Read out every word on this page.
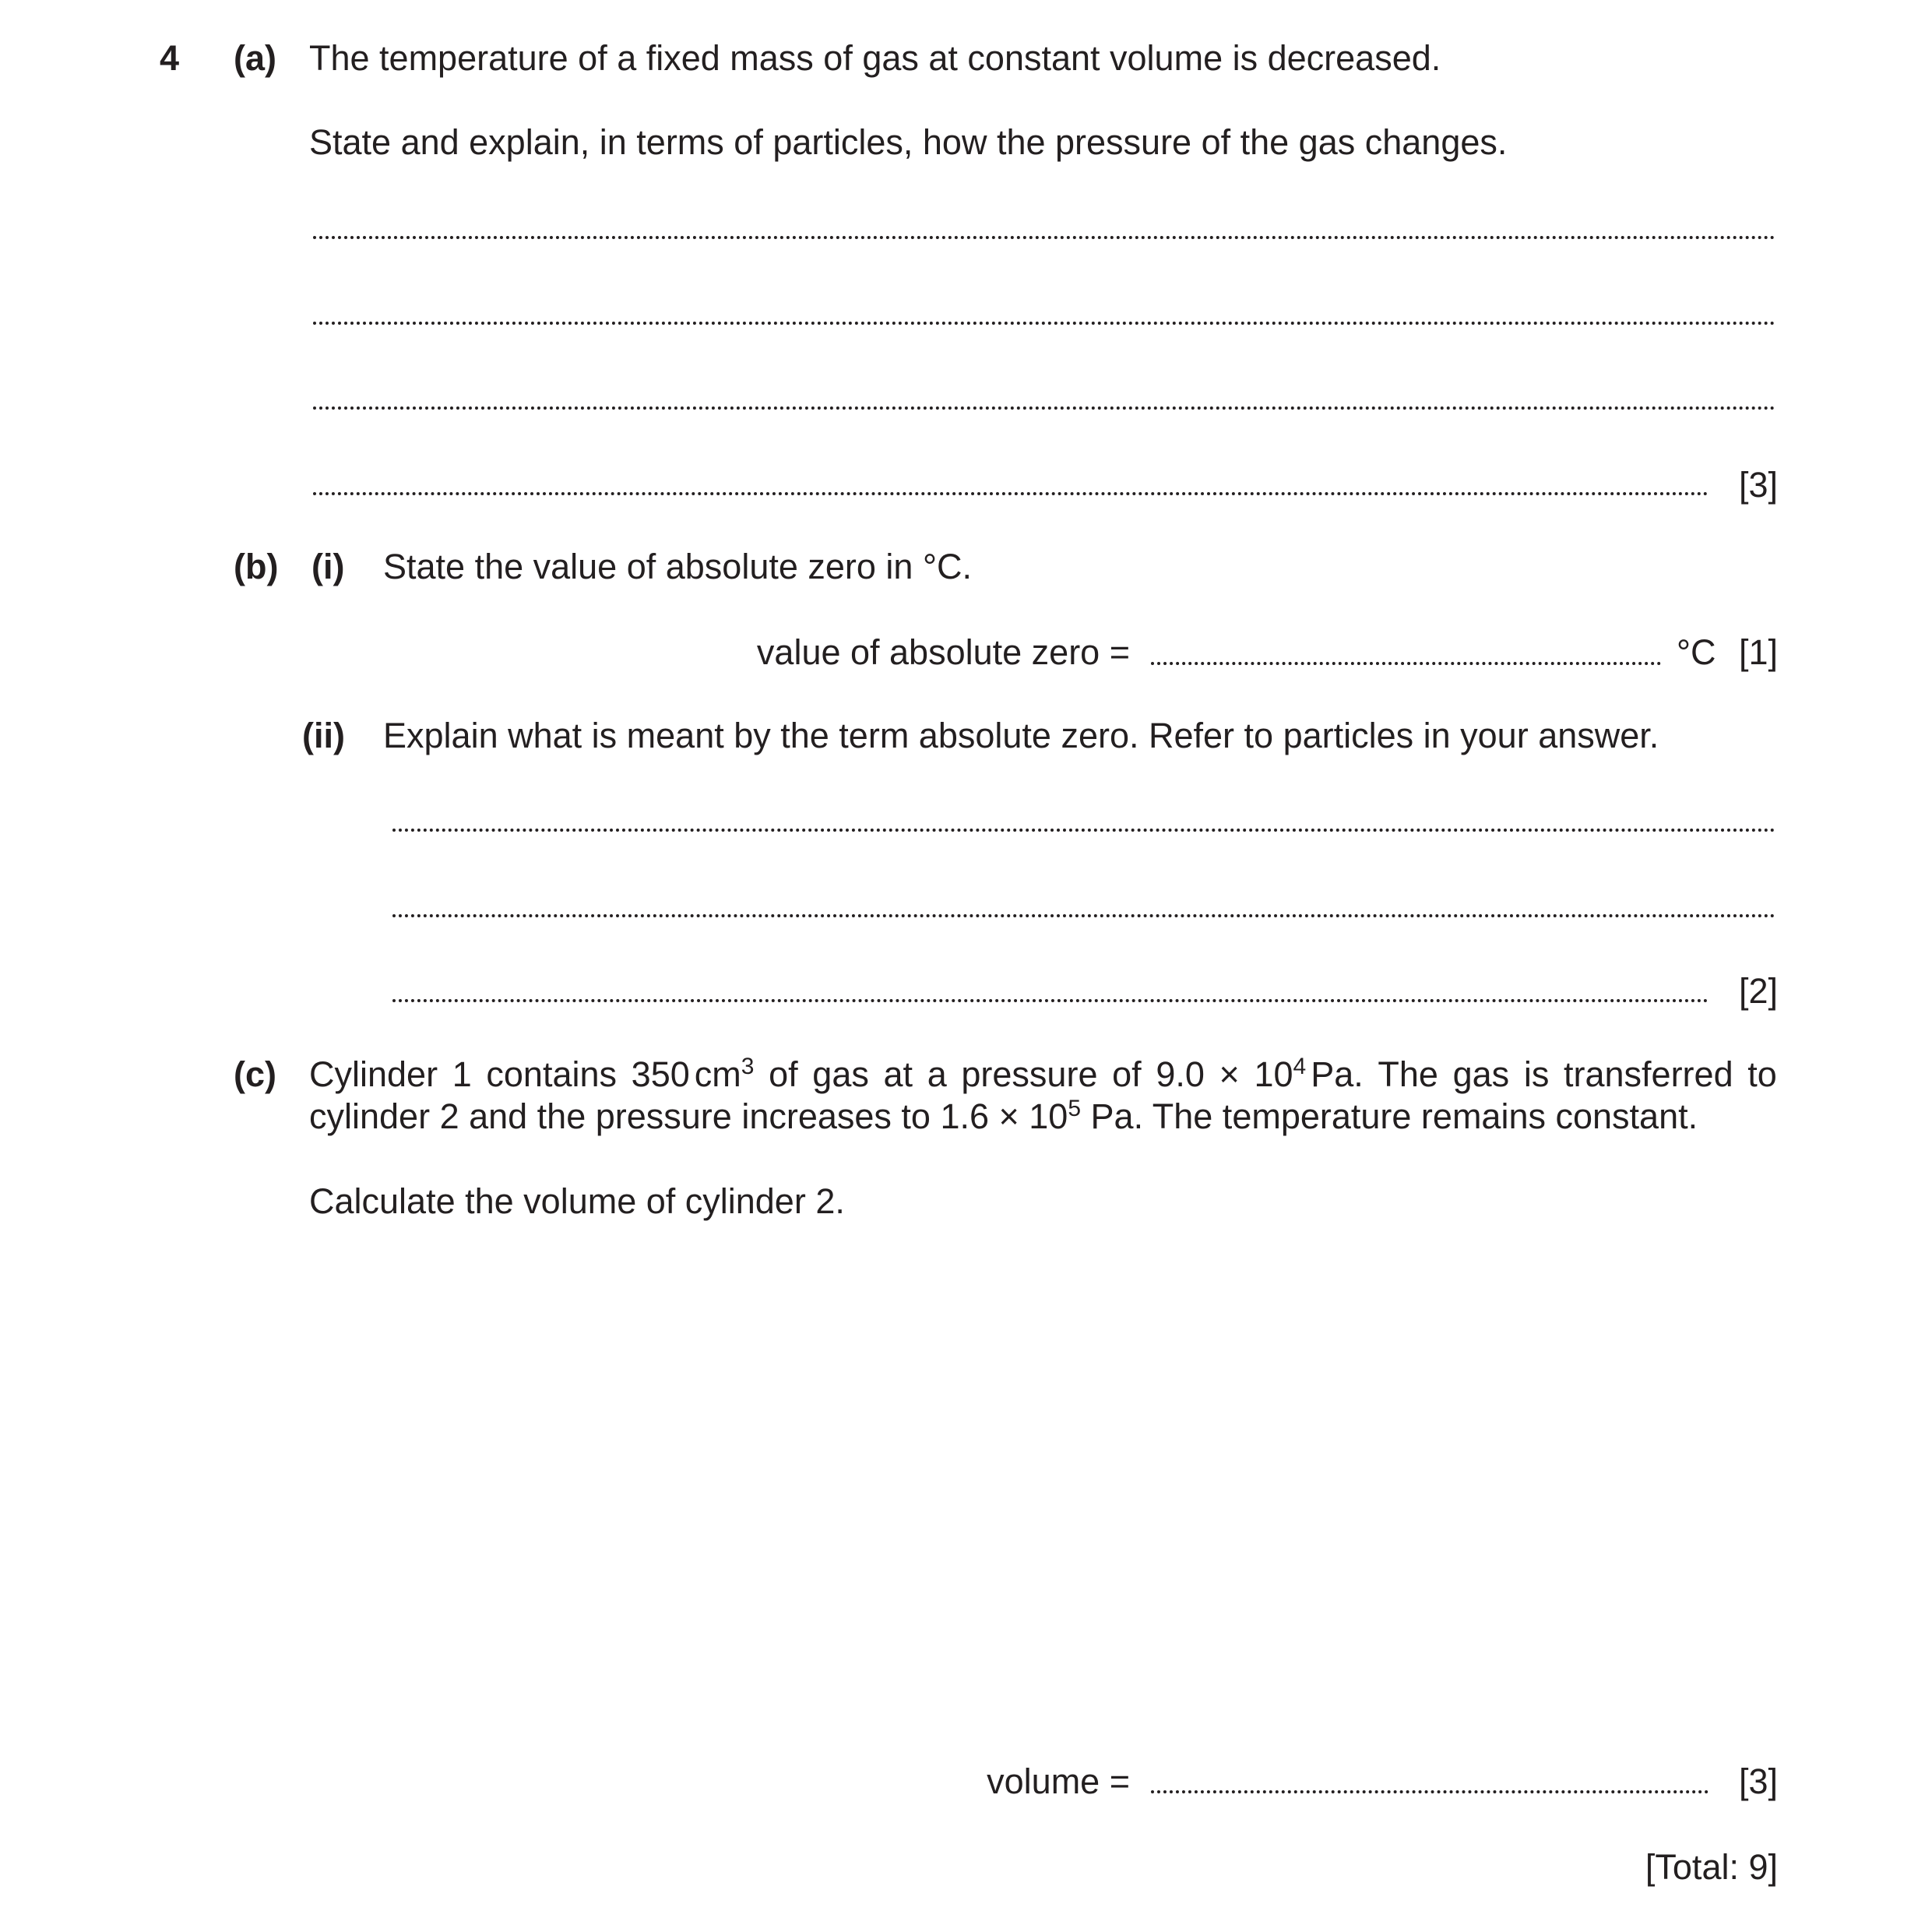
4 (a) The temperature of a fixed mass of gas at constant volume is decreased.
State and explain, in terms of particles, how the pressure of the gas changes.
[3]
(b) (i) State the value of absolute zero in °C.
value of absolute zero =	°C [1]
(ii) Explain what is meant by the term absolute zero. Refer to particles in your answer.
[2]
(c) Cylinder 1 contains 350 $cm^3$ of gas at a pressure of $9.0 \times 10^4$ Pa. The gas is transferred to
cylinder 2 and the pressure increases to $1.6 \times 10^5$ Pa. The temperature remains constant.
Calculate the volume of cylinder 2.
volume =	[3]
[Total: 9]
